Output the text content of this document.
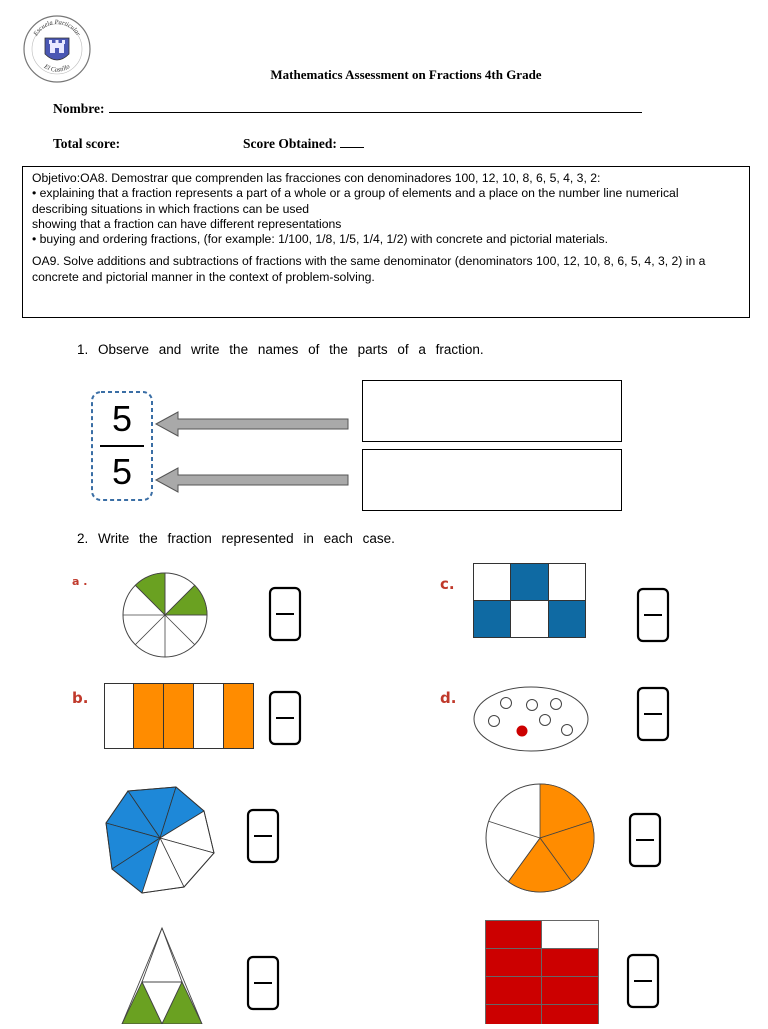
Escuela Particular
El Castillo	Mathematics Assessment on Fractions 4th Grade
Nombre:
Total score:	Score Obtained:

Objetivo:OA8. Demostrar que comprenden las fracciones con denominadores 100, 12, 10, 8, 6, 5, 4, 3, 2:

• explaining that a fraction represents a part of a whole or a group of elements and a place on the number line numerical

describing situations in which fractions can be used

showing that a fraction can have different representations

• buying and ordering fractions, (for example: 1/100, 1/8, 1/5, 1/4, 1/2) with concrete and pictorial materials.

OA9. Solve additions and subtractions of fractions with the same denominator (denominators 100, 12, 10, 8, 6, 5, 4, 3, 2) in a concrete and pictorial manner in the context of problem-solving.

1. Observe and write the names of the parts of a fraction.
5
5
2. Write the fraction represented in each case.
a .	c.
b.	d.
